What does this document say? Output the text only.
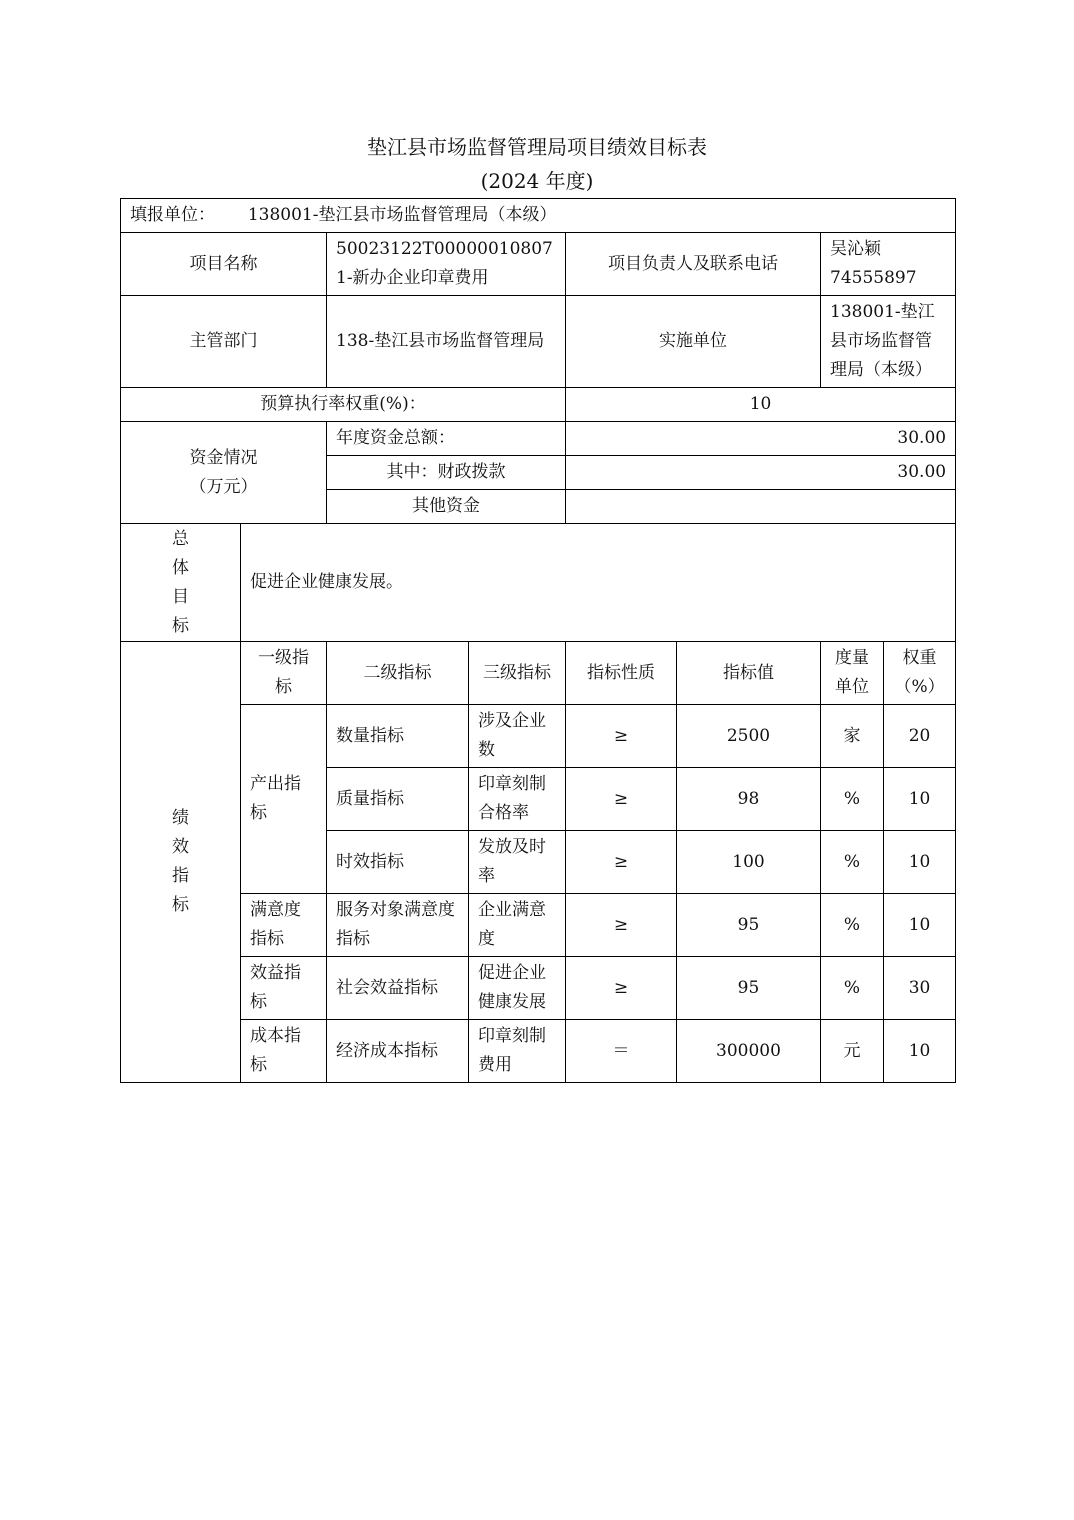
垫江县市场监督管理局项目绩效目标表
(2024 年度)
填报单位： 138001-垫江县市场监督管理局（本级）							
项目名称		50023122T000000108071-新办企业印章费用		项目负责人及联系电话		吴沁颖
74555897	

主管部门		138-垫江县市场监督管理局		实施单位		138001-垫江县市场监督管理局（本级）	
预算执行率权重(%)：				10			

资金情况
（万元）		年度资金总额：		30.00			
		其中：财政拨款		30.00			
		其他资金					

总
体
目
标	促进企业健康发展。						

绩
效
指
标	一级指标	二级指标	三级指标	指标性质	指标值	度量单位	权重（%）
	产出指标	数量指标	涉及企业数	≥	2500	家	20
		质量指标	印章刻制合格率	≥	98	%	10
		时效指标	发放及时率	≥	100	%	10
	满意度指标	服务对象满意度指标	企业满意度	≥	95	%	10
	效益指标	社会效益指标	促进企业健康发展	≥	95	%	30
	成本指标	经济成本指标	印章刻制费用	＝	300000	元	10
